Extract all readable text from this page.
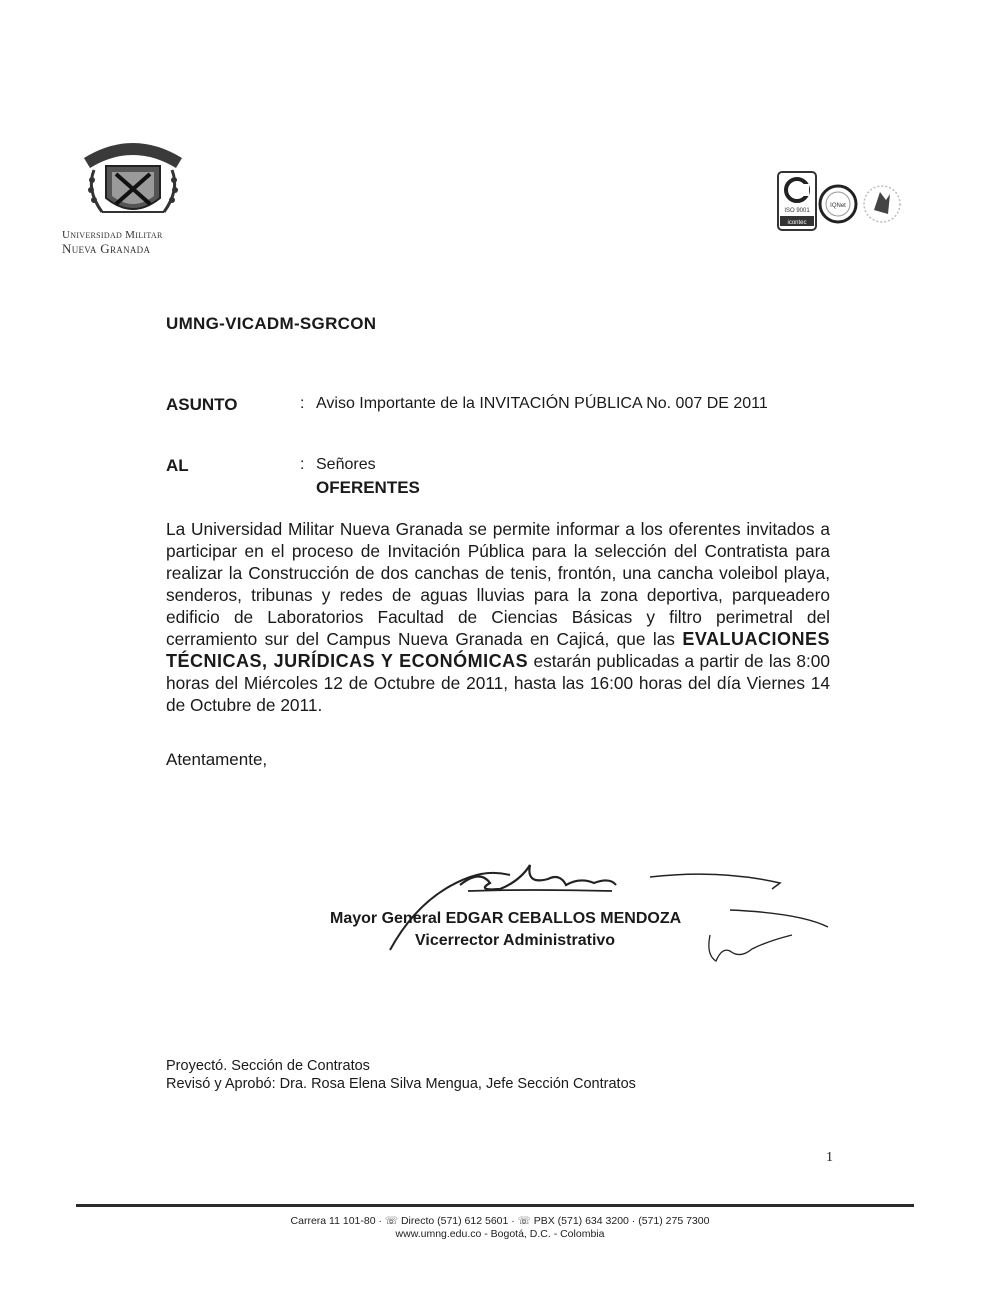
Universidad Militar
Nueva Granada
ISO 9001
icontec
IQNet
UMNG-VICADM-SGRCON
ASUNTO	: Aviso Importante de la INVITACIÓN PÚBLICA No. 007 DE 2011
AL	: Señores
OFERENTES
La Universidad Militar Nueva Granada se permite informar a los oferentes invitados a participar en el proceso de Invitación Pública para la selección del Contratista para realizar la Construcción de dos canchas de tenis, frontón, una cancha voleibol playa, senderos, tribunas y redes de aguas lluvias para la zona deportiva, parqueadero edificio de Laboratorios Facultad de Ciencias Básicas y filtro perimetral del cerramiento sur del Campus Nueva Granada en Cajicá, que las EVALUACIONES TÉCNICAS, JURÍDICAS Y ECONÓMICAS estarán publicadas a partir de las 8:00 horas del Miércoles 12 de Octubre de 2011, hasta las 16:00 horas del día Viernes 14 de Octubre de 2011.
Atentamente,
Mayor General EDGAR CEBALLOS MENDOZA
Vicerrector Administrativo
Proyectó. Sección de Contratos
Revisó y Aprobó: Dra. Rosa Elena Silva Mengua, Jefe Sección Contratos
1
Carrera 11 101-80 · ☏ Directo (571) 612 5601 · ☏ PBX (571) 634 3200 · (571) 275 7300
www.umng.edu.co - Bogotá, D.C. - Colombia
